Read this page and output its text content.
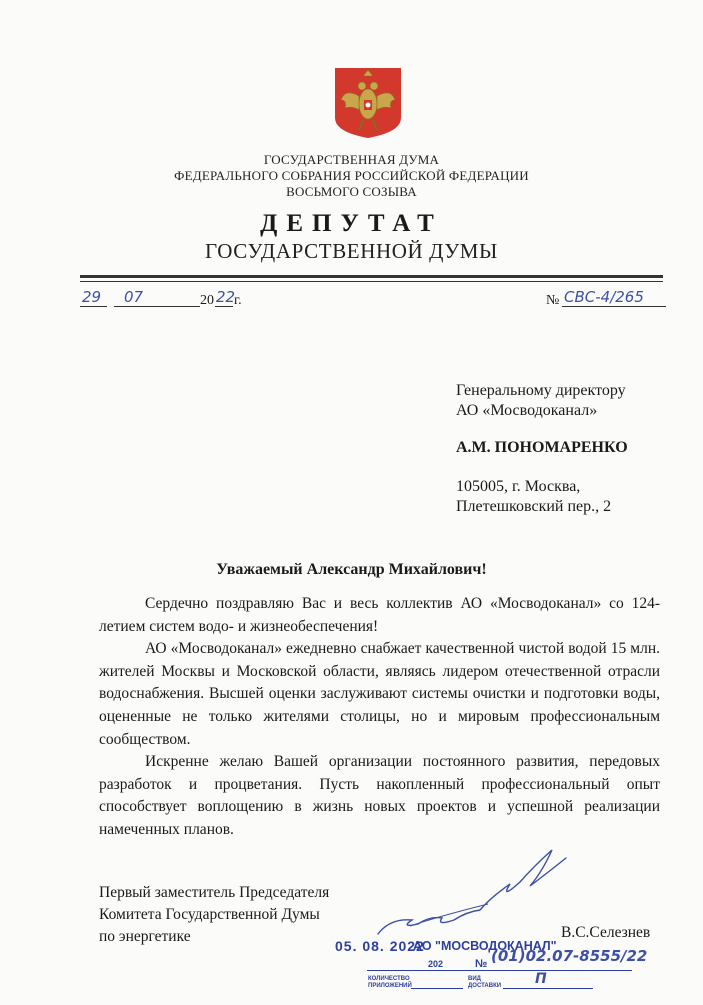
ГОСУДАРСТВЕННАЯ ДУМА
ФЕДЕРАЛЬНОГО СОБРАНИЯ РОССИЙСКОЙ ФЕДЕРАЦИИ
ВОСЬМОГО СОЗЫВА
ДЕПУТАТ
ГОСУДАРСТВЕННОЙ ДУМЫ
29 07	20 22
г.	№ СВС-4/265
Генеральному директору
АО «Мосводоканал»
А.М. ПОНОМАРЕНКО
105005, г. Москва,
Плетешковский пер., 2
Уважаемый Александр Михайлович!

Сердечно поздравляю Вас и весь коллектив АО «Мосводоканал» со 124-летием систем водо- и жизнеобеспечения!

АО «Мосводоканал» ежедневно снабжает качественной чистой водой 15 млн. жителей Москвы и Московской области, являясь лидером отечественной отрасли водоснабжения. Высшей оценки заслуживают системы очистки и подготовки воды, оцененные не только жителями столицы, но и мировым профессиональным сообществом.

Искренне желаю Вашей организации постоянного развития, передовых разработок и процветания. Пусть накопленный профессиональный опыт способствует воплощению в жизнь новых проектов и успешной реализации намеченных планов.

Первый заместитель Председателя
Комитета Государственной Думы
по энергетике	В.С.Селезнев
05. 08. 2022
АО "МОСВОДОКАНАЛ"
202	№ (01)02.07-8555/22
КОЛИЧЕСТВО ПРИЛОЖЕНИЙ
ВИД ДОСТАВКИ	П
